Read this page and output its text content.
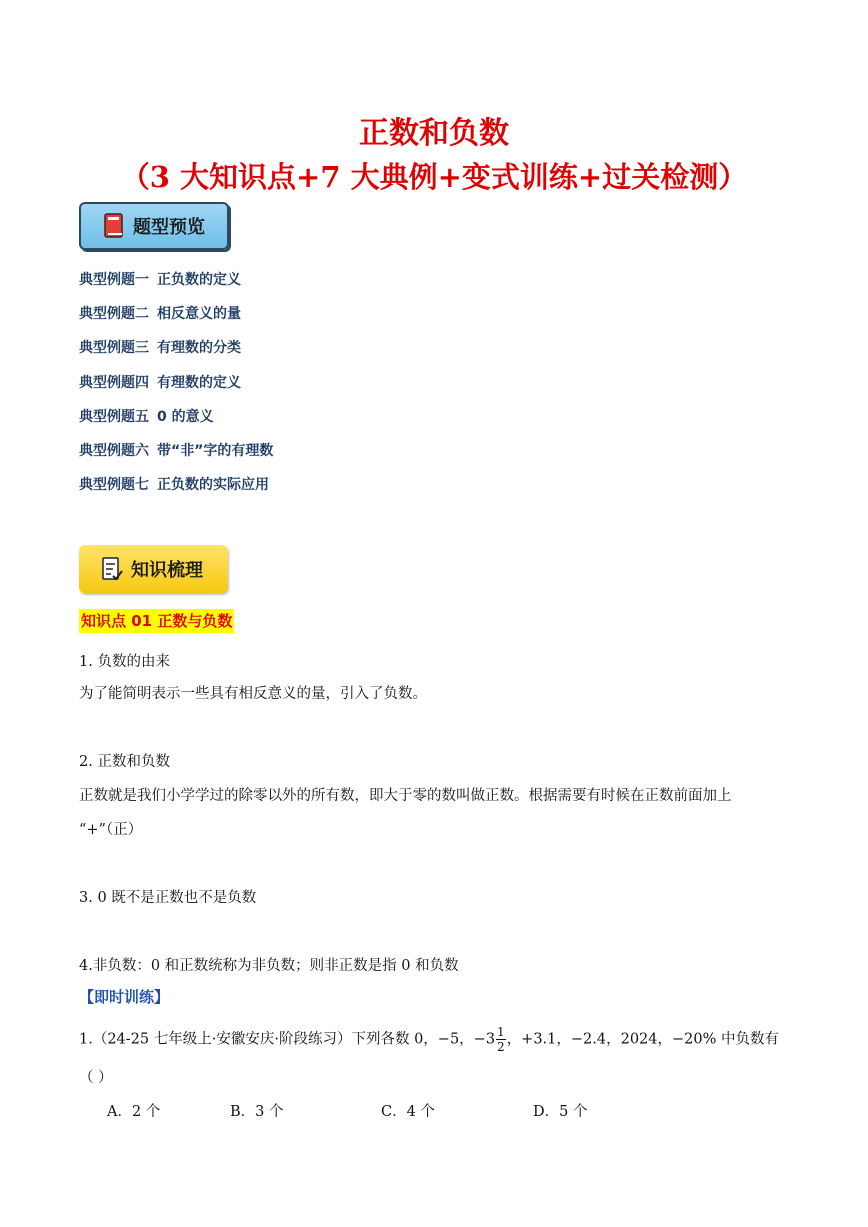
正数和负数
（3 大知识点+7 大典例+变式训练+过关检测）
题型预览
典型例题一 正负数的定义
典型例题二 相反意义的量
典型例题三 有理数的分类
典型例题四 有理数的定义
典型例题五 0 的意义
典型例题六 带“非”字的有理数
典型例题七 正负数的实际应用
知识梳理
知识点 01 正数与负数
1. 负数的由来
为了能简明表示一些具有相反意义的量，引入了负数。
2. 正数和负数
正数就是我们小学学过的除零以外的所有数，即大于零的数叫做正数。根据需要有时候在正数前面加上
“+”（正）
3. 0 既不是正数也不是负数
4.非负数：0 和正数统称为非负数；则非正数是指 0 和负数
【即时训练】
1.（24-25 七年级上·安徽安庆·阶段练习）下列各数 0，−5，$-3 \frac{1}{2}$ ，+3.1，−2.4，2024，−20% 中负数有
（ ）
A．2 个	B．3 个	C．4 个	D．5 个
